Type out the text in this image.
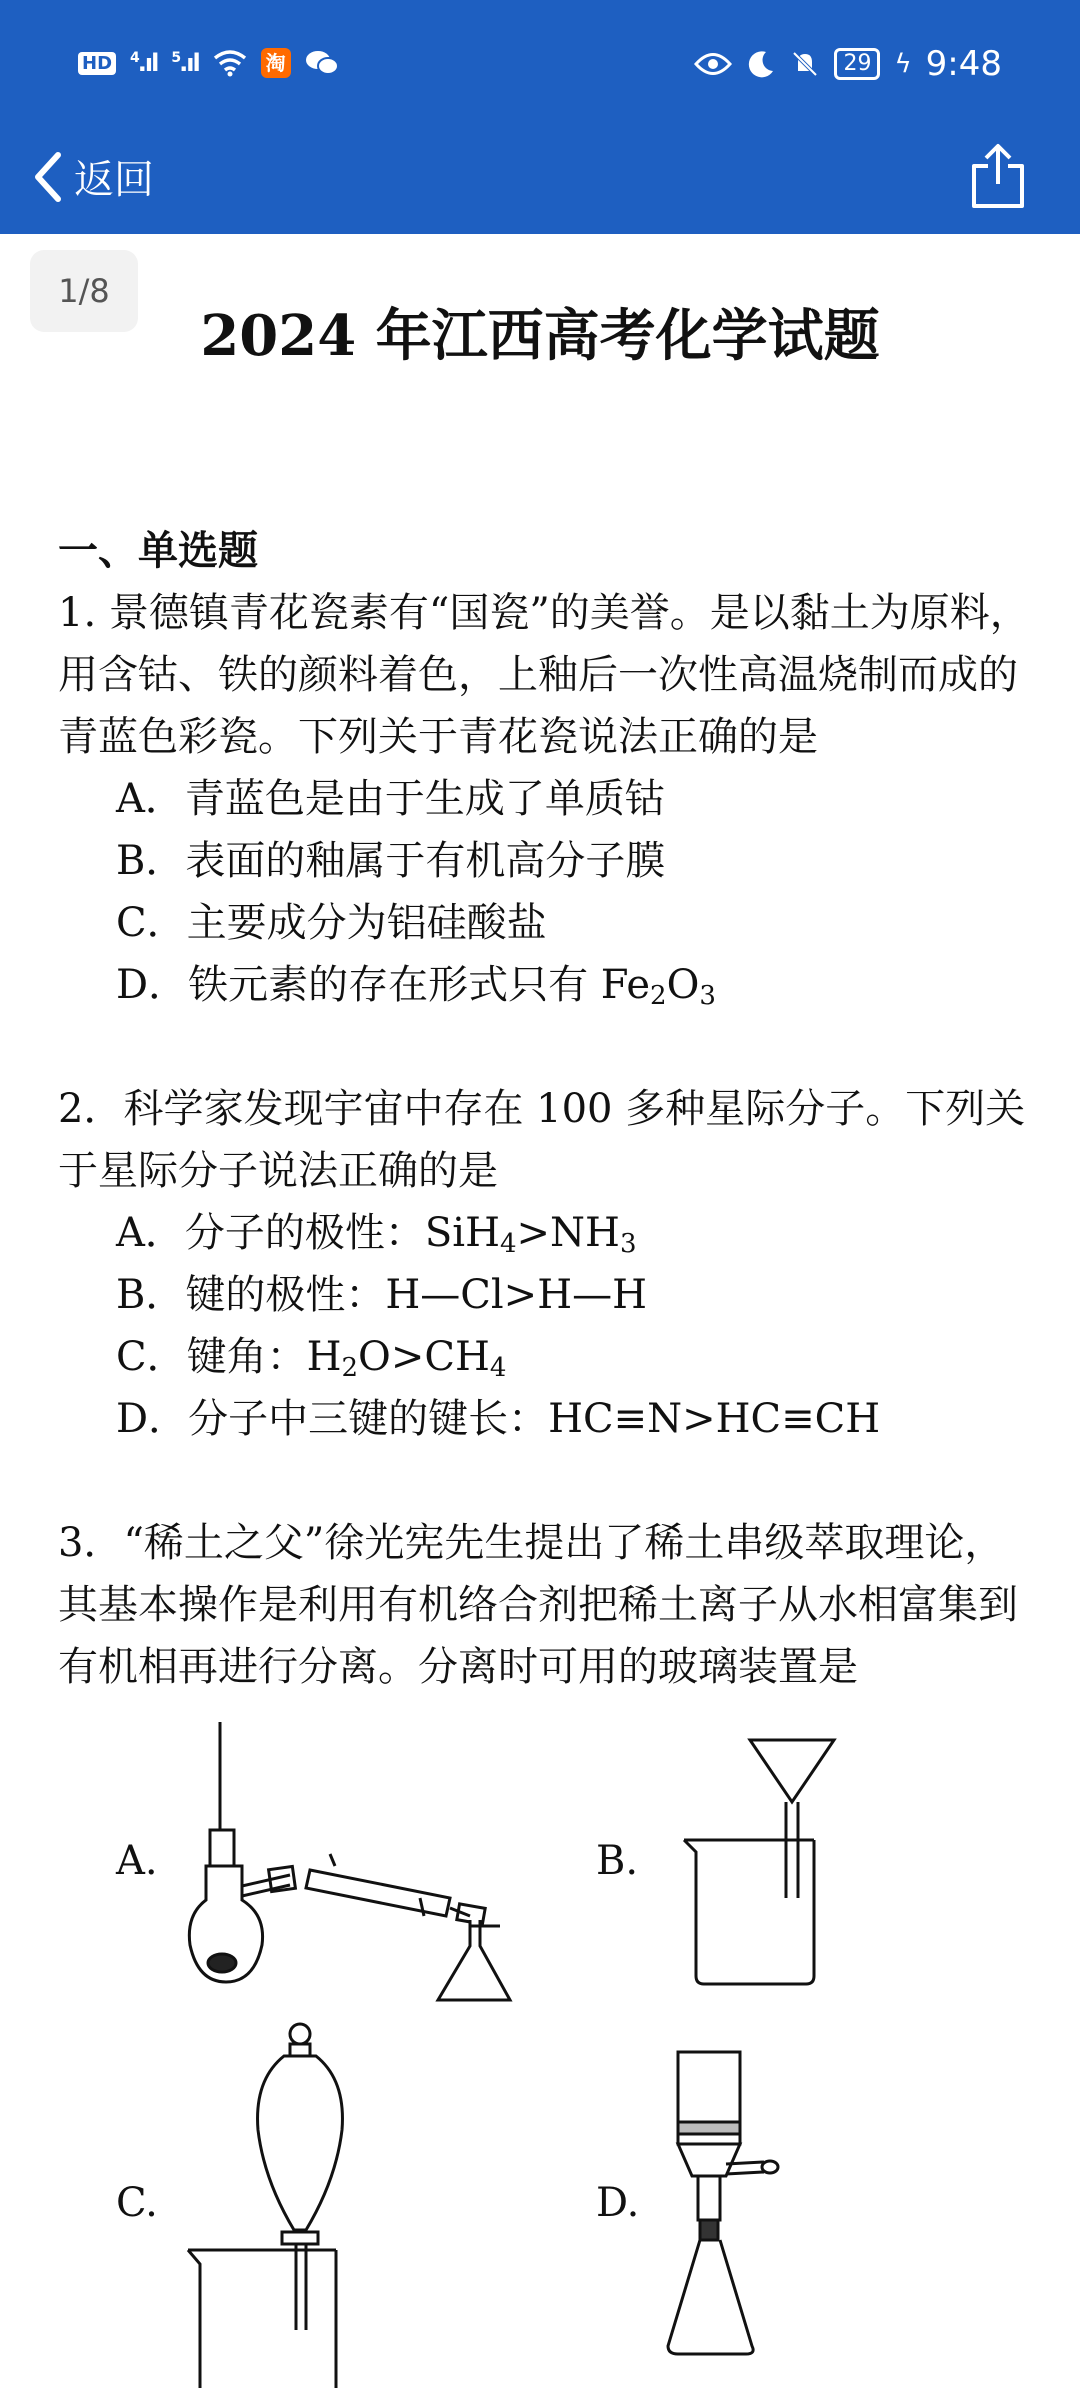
HD $^4$.ıl $^5$.ıl	淘	29 ϟ 9:48
返回
1/8
2024 年江西高考化学试题
一、单选题
1. 景德镇青花瓷素有“国瓷”的美誉。是以黏土为原料，用含钴、铁的颜料着色，上釉后一次性高温烧制而成的青蓝色彩瓷。下列关于青花瓷说法正确的是
A．青蓝色是由于生成了单质钴
B．表面的釉属于有机高分子膜
C．主要成分为铝硅酸盐
D．铁元素的存在形式只有 $Fe_2O_3$
2．科学家发现宇宙中存在 100 多种星际分子。下列关于星际分子说法正确的是
A．分子的极性：$SiH_4>NH_3$
B．键的极性：H—Cl>H—H
C．键角：$H_2O>CH_4$
D．分子中三键的键长：HC≡N>HC≡CH
3．“稀土之父”徐光宪先生提出了稀土串级萃取理论，其基本操作是利用有机络合剂把稀土离子从水相富集到有机相再进行分离。分离时可用的玻璃装置是
A.	B.
C.	D.
